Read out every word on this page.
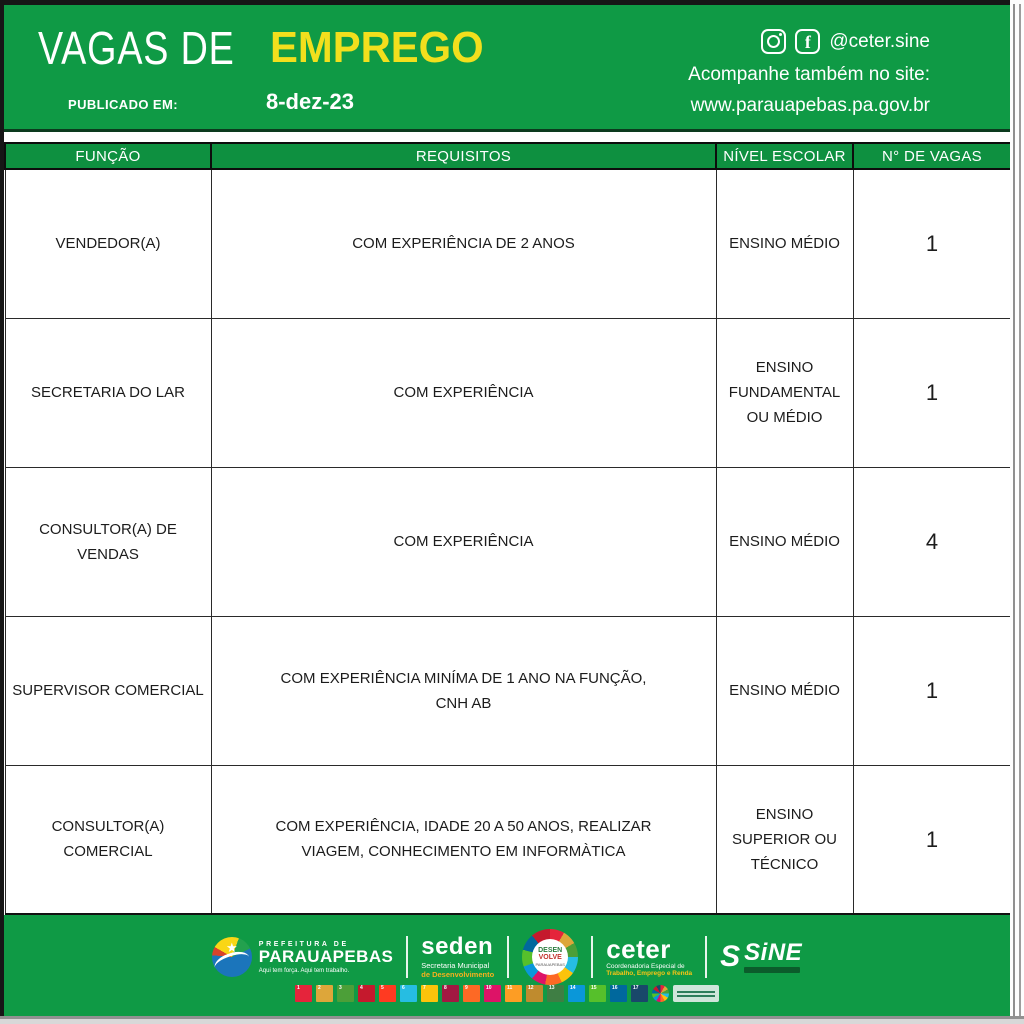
VAGAS DE EMPREGO
PUBLICADO EM:	8-dez-23
f
@ceter.sine
Acompanhe também no site:
www.parauapebas.pa.gov.br
FUNÇÃO	REQUISITOS	NÍVEL ESCOLAR	N° DE VAGAS
VENDEDOR(A)	COM EXPERIÊNCIA DE 2 ANOS	ENSINO MÉDIO	1
SECRETARIA DO LAR	COM EXPERIÊNCIA	ENSINO FUNDAMENTAL OU MÉDIO	1
CONSULTOR(A) DE VENDAS	COM EXPERIÊNCIA	ENSINO MÉDIO	4
SUPERVISOR COMERCIAL	COM EXPERIÊNCIA MINÍMA DE 1 ANO NA FUNÇÃO, CNH AB	ENSINO MÉDIO	1
CONSULTOR(A) COMERCIAL	COM EXPERIÊNCIA, IDADE 20 A 50 ANOS, REALIZAR VIAGEM, CONHECIMENTO EM INFORMÀTICA	ENSINO SUPERIOR OU TÉCNICO	1
★
PREFEITURA DE
PARAUAPEBAS
Aqui tem força. Aqui tem trabalho.
seden
Secretaria Municipal
de Desenvolvimento
DESEN
VOLVE
PARAUAPEBAS
ceter
Coordenadoria Especial de
Trabalho, Emprego e Renda S SiNE
1	2	3	4	5	6	7	8	9	10	11	12	13	14	15	16	17
